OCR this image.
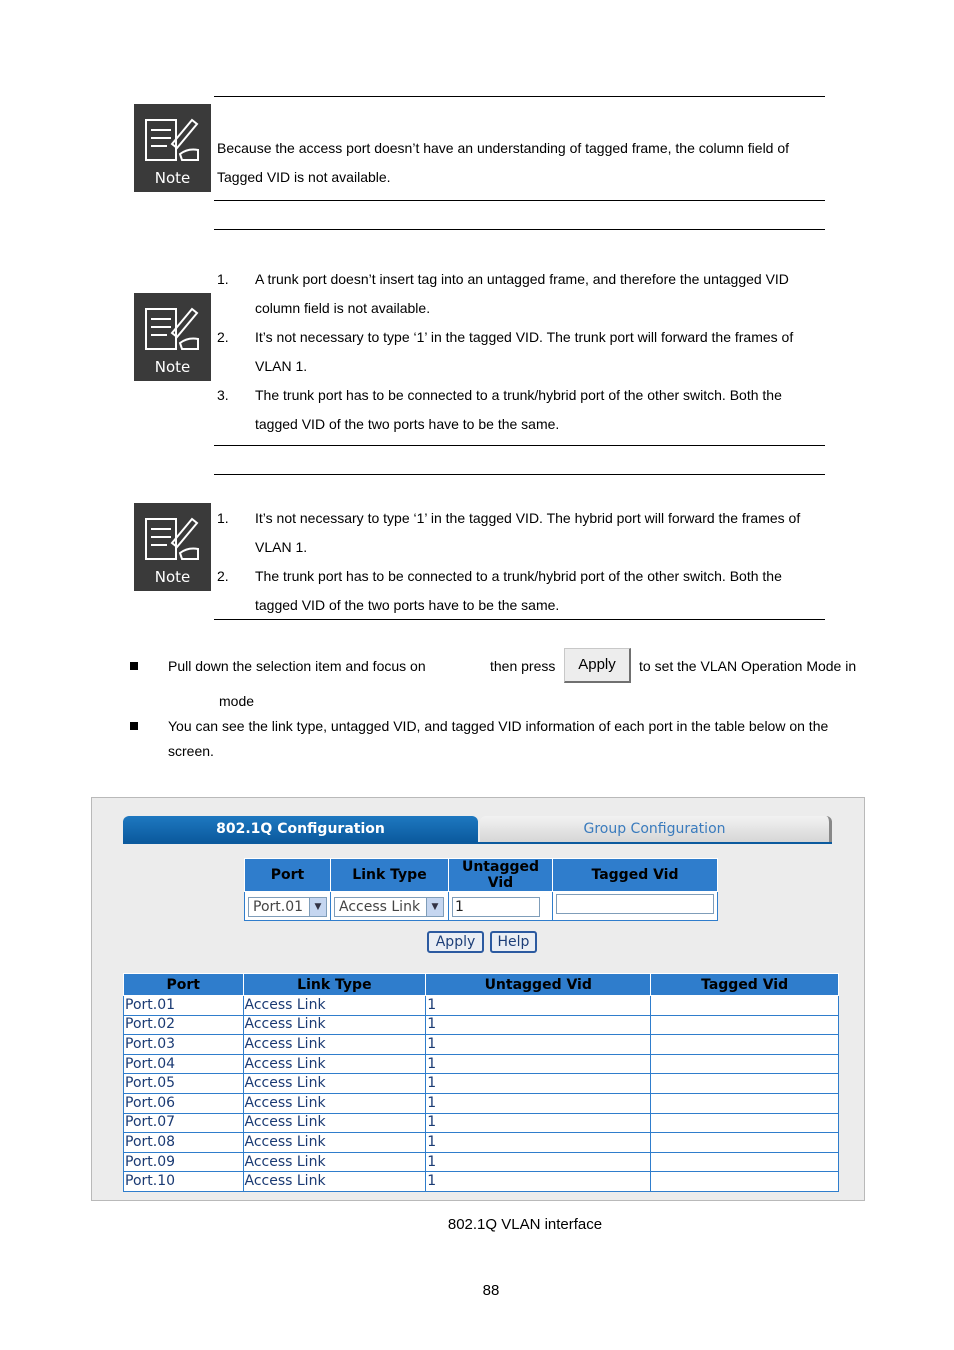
Note
Because the access port doesn’t have an understanding of tagged frame, the column field of Tagged VID is not available.
Note
1. A trunk port doesn’t insert tag into an untagged frame, and therefore the untagged VID
column field is not available.
2. It’s not necessary to type ‘1’ in the tagged VID. The trunk port will forward the frames of
VLAN 1.
3. The trunk port has to be connected to a trunk/hybrid port of the other switch. Both the
tagged VID of the two ports have to be the same.
Note
1. It’s not necessary to type ‘1’ in the tagged VID. The hybrid port will forward the frames of
VLAN 1.
2. The trunk port has to be connected to a trunk/hybrid port of the other switch. Both the
tagged VID of the two ports have to be the same.
Pull down the selection item and focus on	then press	Apply	to set the VLAN Operation Mode in
mode
You can see the link type, untagged VID, and tagged VID information of each port in the table below on the
screen.
802.1Q Configuration	Group Configuration
Port	Link Type	Untagged Vid	Tagged Vid
Port.01 ▼	Access Link ▼	1	
Apply	Help
Port	Link Type	Untagged Vid	Tagged Vid
Port.01	Access Link	1	
Port.02	Access Link	1	
Port.03	Access Link	1	
Port.04	Access Link	1	
Port.05	Access Link	1	
Port.06	Access Link	1	
Port.07	Access Link	1	
Port.08	Access Link	1	
Port.09	Access Link	1	
Port.10	Access Link	1	
802.1Q VLAN interface
88
